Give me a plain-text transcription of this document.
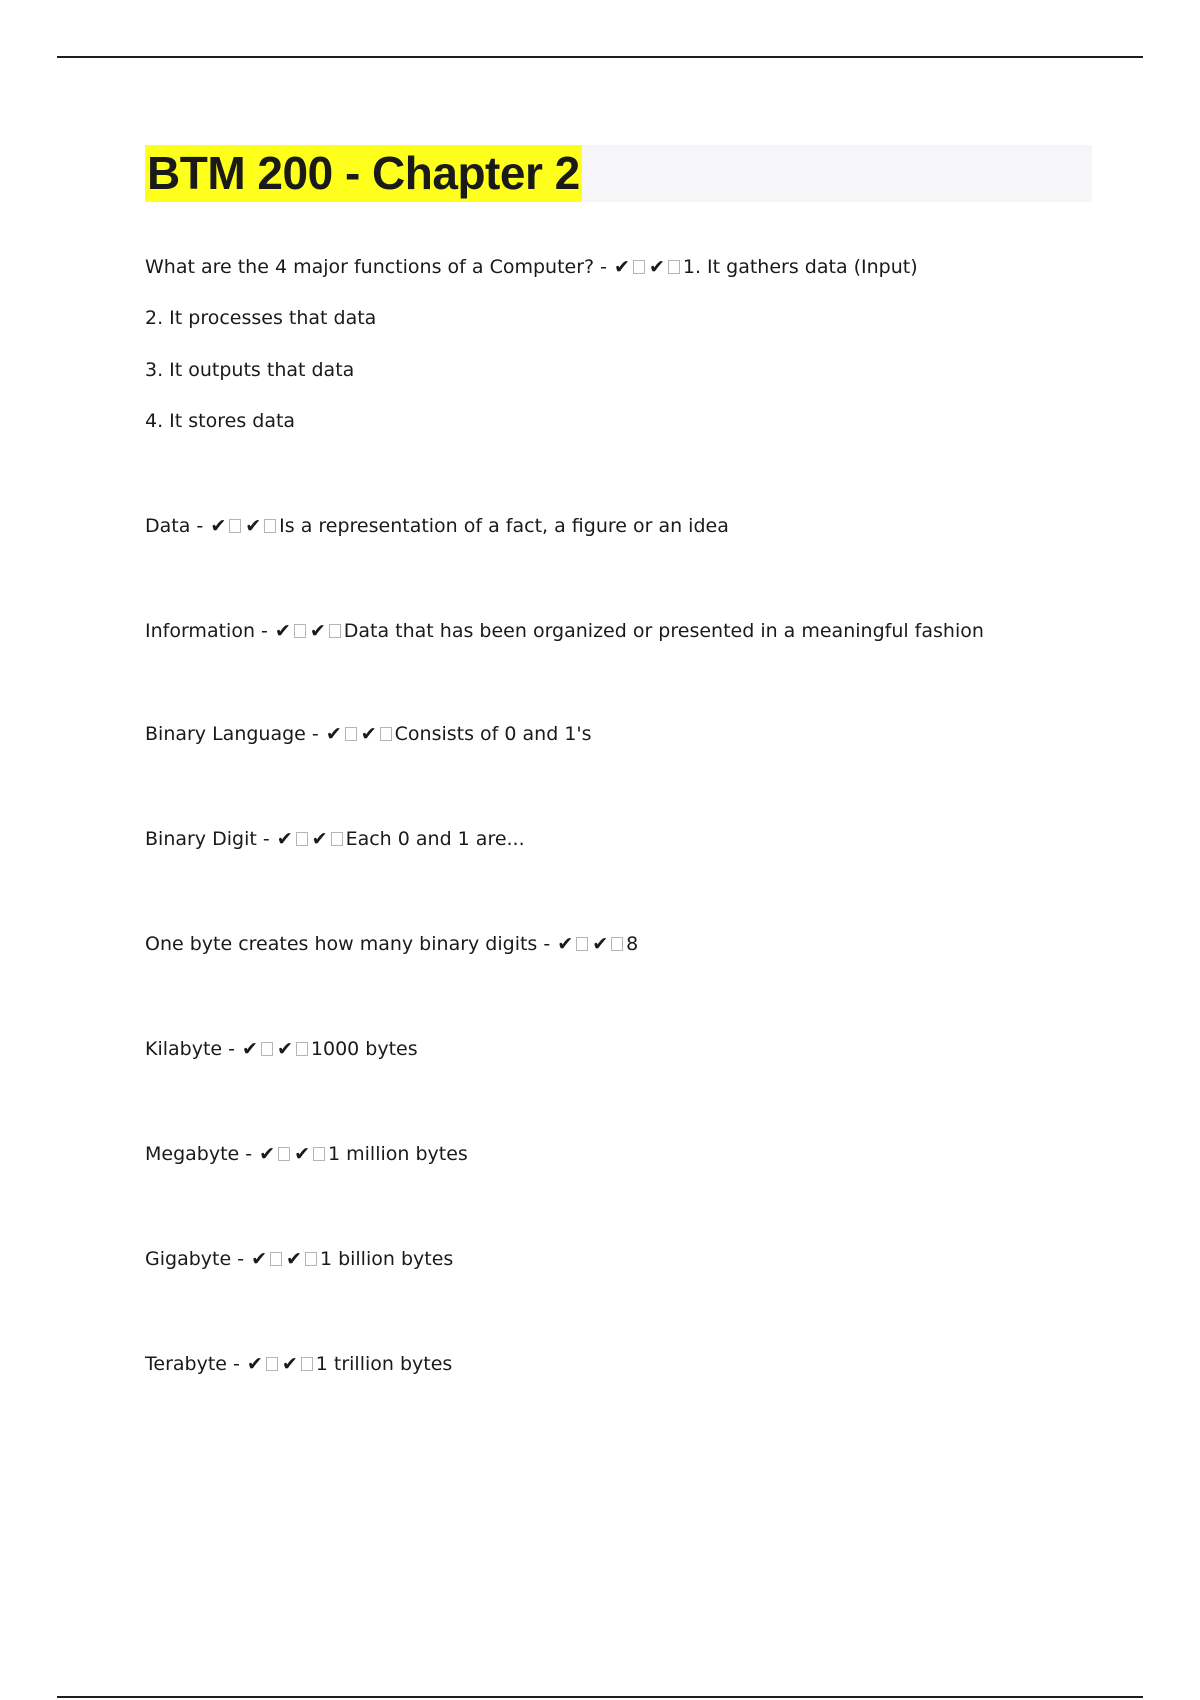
BTM 200 - Chapter 2
What are the 4 major functions of a Computer? - ✔ ✔ 1. It gathers data (Input)
2. It processes that data
3. It outputs that data
4. It stores data
Data - ✔ ✔ Is a representation of a fact, a figure or an idea
Information - ✔ ✔ Data that has been organized or presented in a meaningful fashion
Binary Language - ✔ ✔ Consists of 0 and 1's
Binary Digit - ✔ ✔ Each 0 and 1 are...
One byte creates how many binary digits - ✔ ✔ 8
Kilabyte - ✔ ✔ 1000 bytes
Megabyte - ✔ ✔ 1 million bytes
Gigabyte - ✔ ✔ 1 billion bytes
Terabyte - ✔ ✔ 1 trillion bytes
